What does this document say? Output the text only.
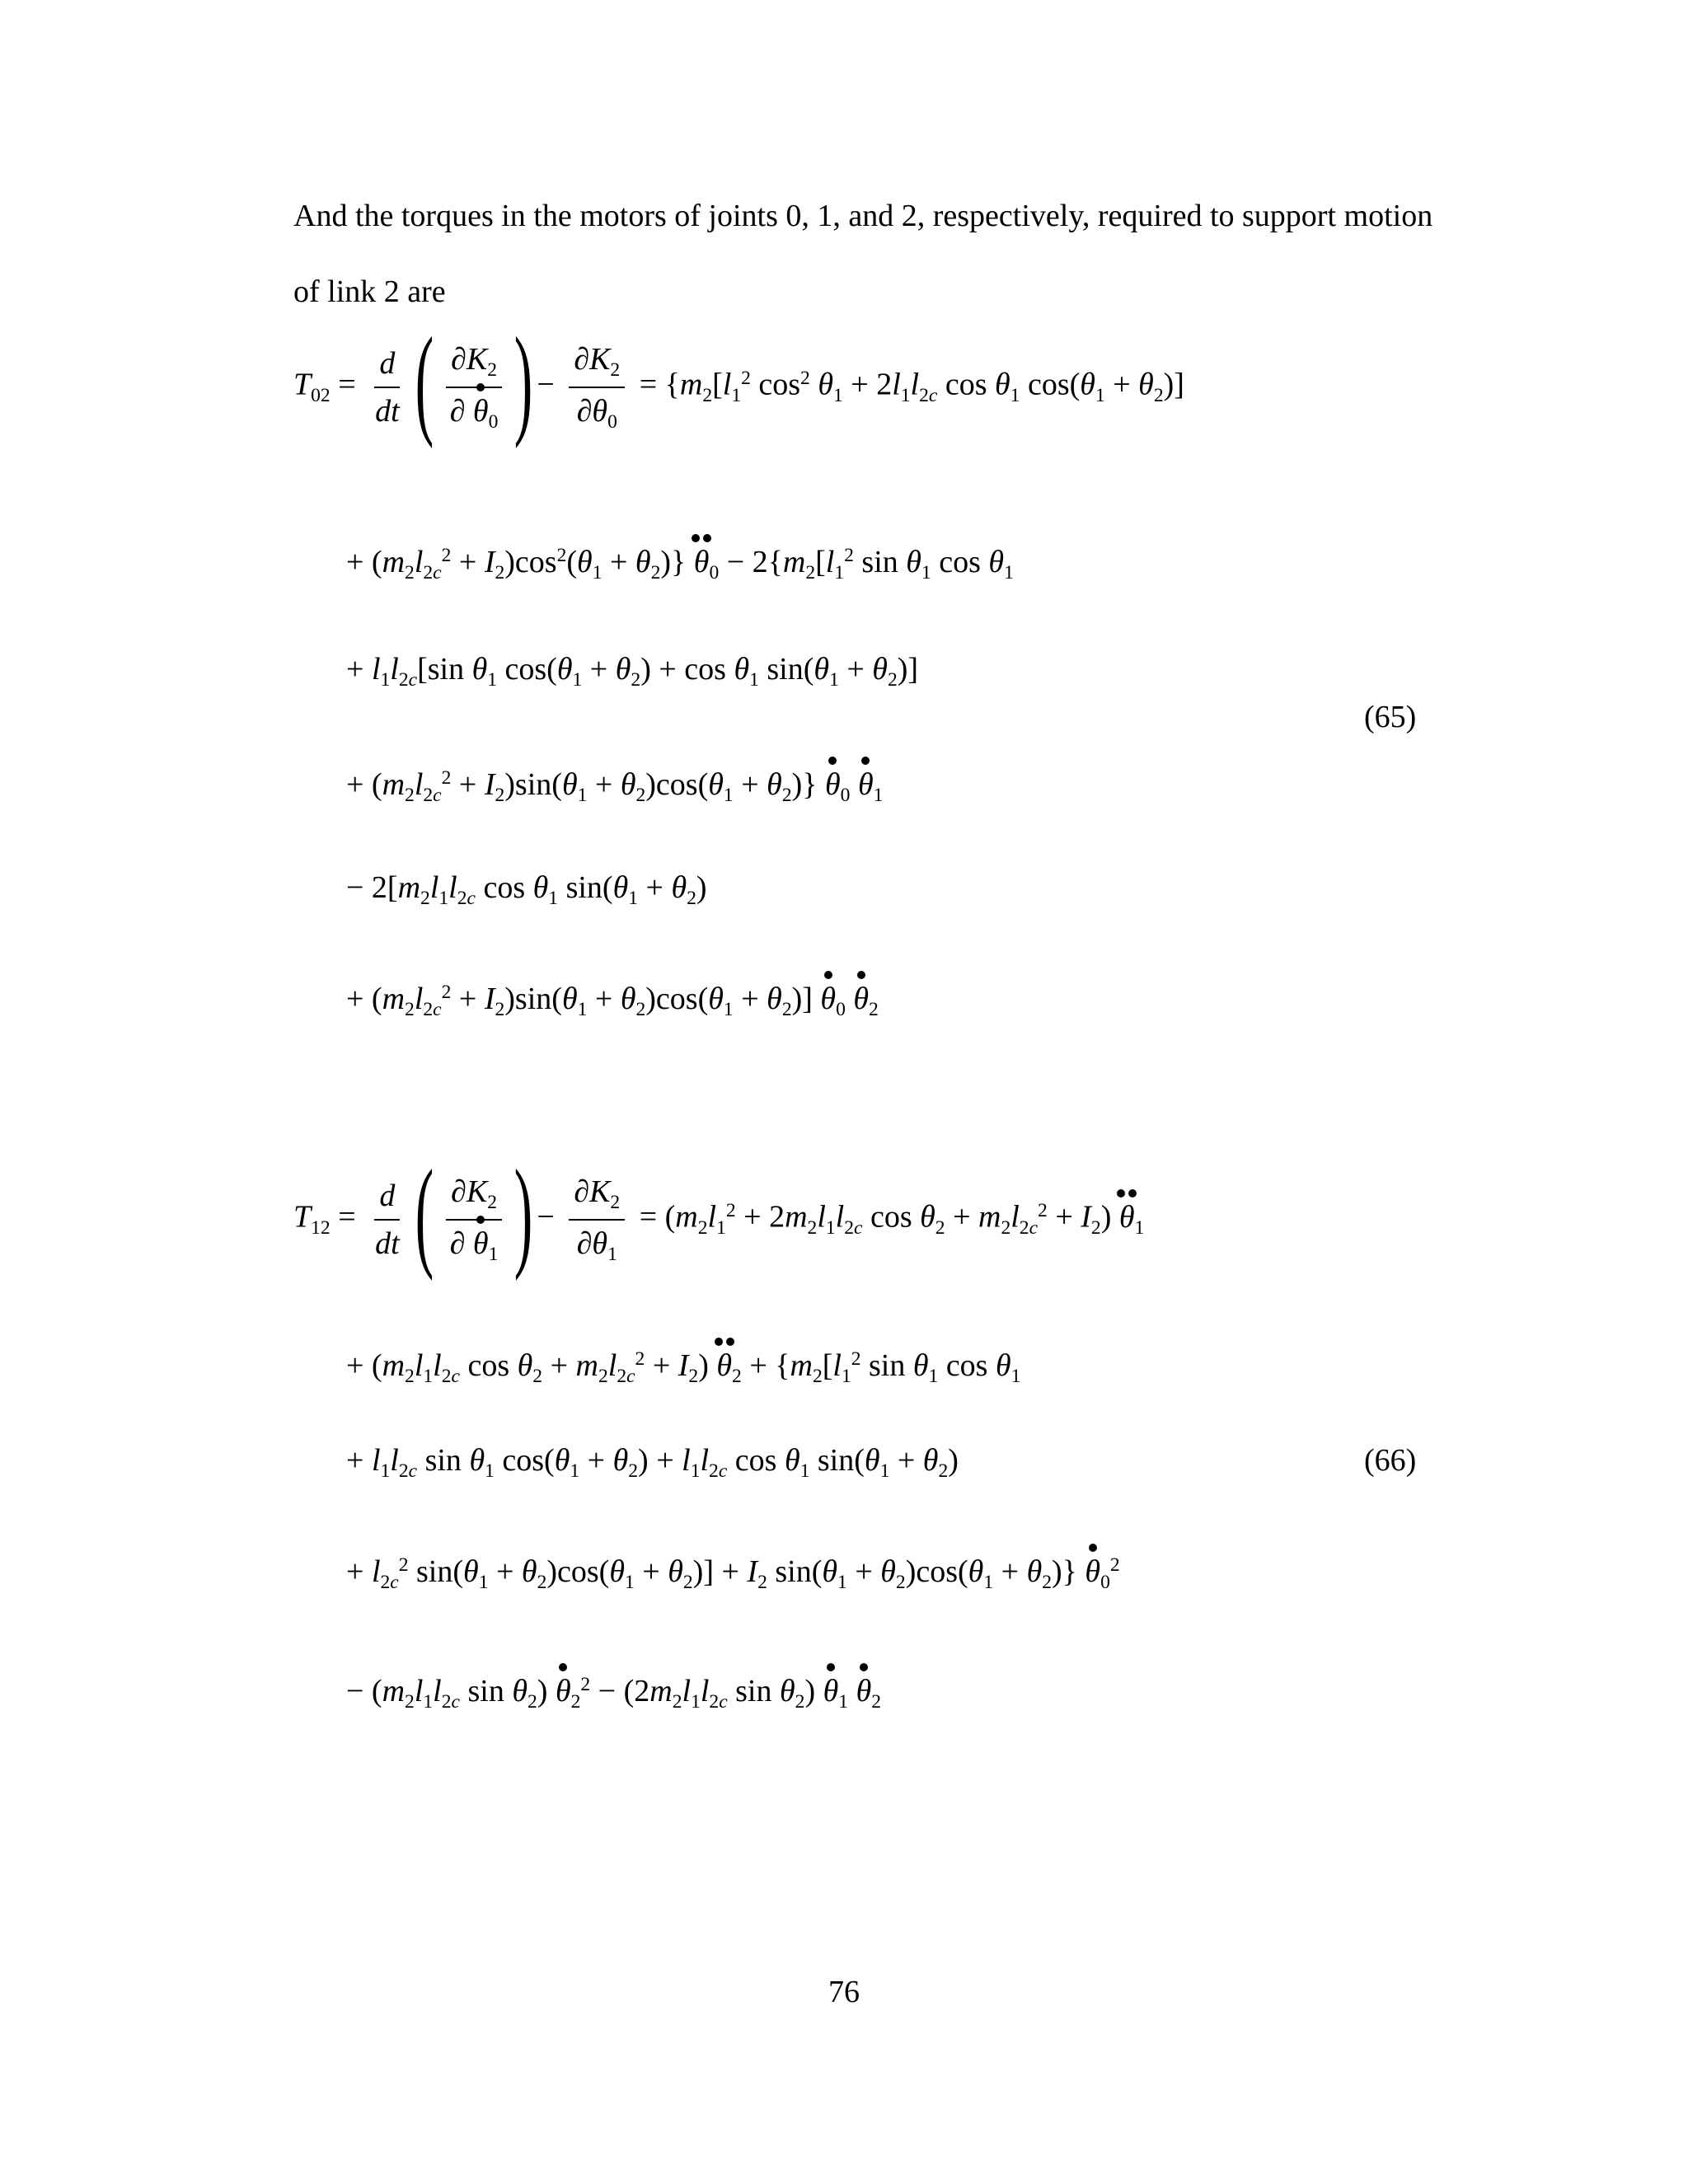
And the torques in the motors of joints 0, 1, and 2, respectively, required to support motion of link 2 are

$T_{02} = \frac{d}{dt}$ ( $\frac{\partial K_2}{\partial \theta_0}$ ) − $\frac{\partial K_2}{\partial\theta_0} = \{m_2[l_1^2$ $\cos^2 \theta_1 + 2l_1l_{2c}$ $\cos \theta_1$ $\cos(\theta_1 + \theta_2)$]
+ $(m_2l_{2c}^2 + I_2)\cos^2(\theta_1 + \theta_2)$} $\theta_0 - 2\{m_2[l_1^2$ $\sin \theta_1$ $\cos \theta_1$
+ $l_1l_{2c}[\sin$ $\theta_1$ $\cos(\theta_1 + \theta_2) + \cos \theta_1$ $\sin(\theta_1 + \theta_2)$]
(65)
+ $(m_2l_{2c}^2 + I_2)\sin(\theta_1 + \theta_2)\cos(\theta_1 + \theta_2)$} $\theta_0$ $\theta_1$
− $2[m_2l_1l_{2c}$ $\cos \theta_1$ $\sin(\theta_1 + \theta_2)$
+ $(m_2l_{2c}^2 + I_2)\sin(\theta_1 + \theta_2)\cos(\theta_1 + \theta_2)$] $\theta_0$ $\theta_2$
$T_{12} = \frac{d}{dt}$ ( $\frac{\partial K_2}{\partial \theta_1}$ ) − $\frac{\partial K_2}{\partial\theta_1} = (m_2l_1^2 + 2m_2l_1l_{2c}$ $\cos \theta_2 + m_2l_{2c}^2 + I_2$) $\theta_1$
+ ($m_2l_1l_{2c}$ $\cos \theta_2 + m_2l_{2c}^2 + I_2$) $\theta_2 + \{m_2[l_1^2$ $\sin \theta_1$ $\cos \theta_1$
+ $l_1l_{2c}$ $\sin \theta_1$ $\cos(\theta_1 + \theta_2) + l_1l_{2c}$ $\cos \theta_1$ $\sin(\theta_1 + \theta_2)$	(66)
+ $l_{2c}^2$ $\sin(\theta_1 + \theta_2)\cos(\theta_1 + \theta_2)] + I_2$ $\sin(\theta_1 + \theta_2)\cos(\theta_1 + \theta_2)$} $\theta_0^2$
− ($m_2l_1l_{2c}$ $\sin \theta_2$) $\theta_2^2 - (2m_2l_1l_{2c}$ $\sin \theta_2$) $\theta_1$ $\theta_2$
76
